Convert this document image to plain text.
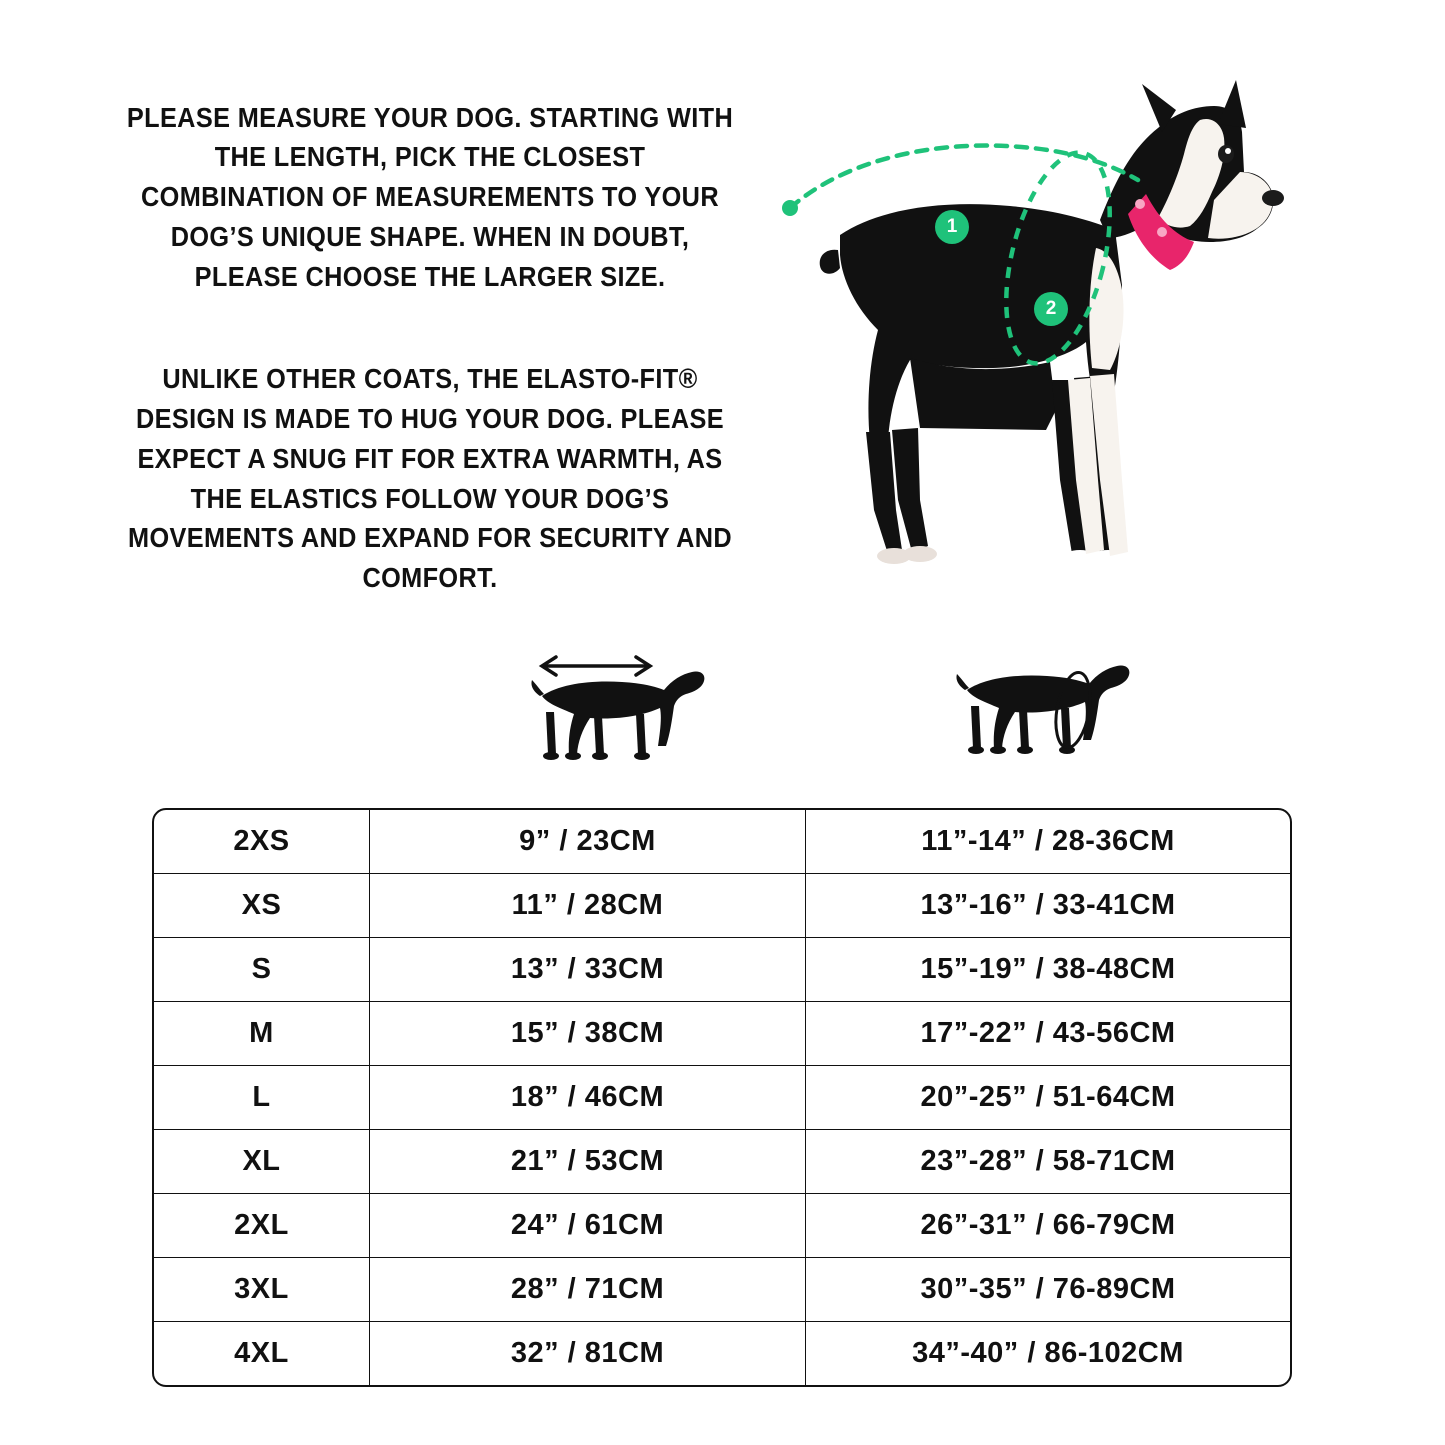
PLEASE MEASURE YOUR DOG. STARTING WITH THE LENGTH, PICK THE CLOSEST COMBINATION OF MEASUREMENTS TO YOUR DOG’S UNIQUE SHAPE. WHEN IN DOUBT, PLEASE CHOOSE THE LARGER SIZE.

UNLIKE OTHER COATS, THE ELASTO-FIT® DESIGN IS MADE TO HUG YOUR DOG. PLEASE EXPECT A SNUG FIT FOR EXTRA WARMTH, AS THE ELASTICS FOLLOW YOUR DOG’S MOVEMENTS AND EXPAND FOR SECURITY AND COMFORT.

1
2
2XS	9” / 23CM	11”-14” / 28-36CM
XS	11” / 28CM	13”-16” / 33-41CM
S	13” / 33CM	15”-19” / 38-48CM
M	15” / 38CM	17”-22” / 43-56CM
L	18” / 46CM	20”-25” / 51-64CM
XL	21” / 53CM	23”-28” / 58-71CM
2XL	24” / 61CM	26”-31” / 66-79CM
3XL	28” / 71CM	30”-35” / 76-89CM
4XL	32” / 81CM	34”-40” / 86-102CM
